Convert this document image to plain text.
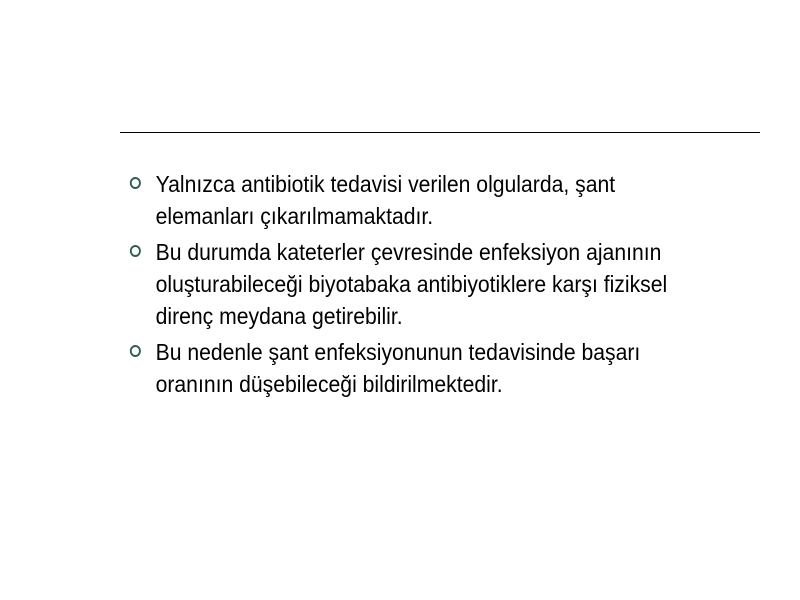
Yalnızca antibiotik tedavisi verilen olgularda, şant
elemanları çıkarılmamaktadır.
Bu durumda kateterler çevresinde enfeksiyon ajanının
oluşturabileceği biyotabaka antibiyotiklere karşı fiziksel
direnç meydana getirebilir.
Bu nedenle şant enfeksiyonunun tedavisinde başarı
oranının düşebileceği bildirilmektedir.
